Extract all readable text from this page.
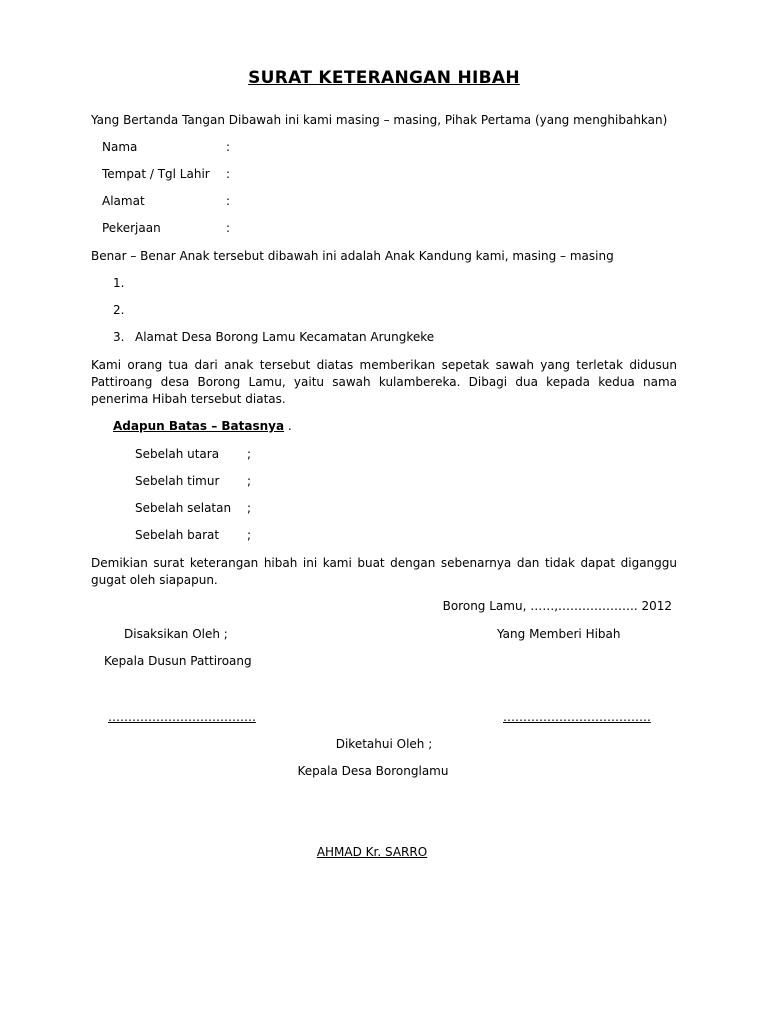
SURAT KETERANGAN HIBAH
Yang Bertanda Tangan Dibawah ini kami masing – masing, Pihak Pertama (yang menghibahkan)
Nama	:
Tempat / Tgl Lahir :
Alamat	:
Pekerjaan	:
Benar – Benar Anak tersebut dibawah ini adalah Anak Kandung kami, masing – masing
1.
2.
3. Alamat Desa Borong Lamu Kecamatan Arungkeke
Kami orang tua dari anak tersebut diatas memberikan sepetak sawah yang terletak didusun Pattiroang desa Borong Lamu, yaitu sawah kulambereka. Dibagi dua kepada kedua nama penerima Hibah tersebut diatas.
Adapun Batas – Batasnya .
Sebelah utara ;
Sebelah timur ;
Sebelah selatan ;
Sebelah barat ;
Demikian surat keterangan hibah ini kami buat dengan sebenarnya dan tidak dapat diganggu gugat oleh siapapun.
Borong Lamu, ……,……………….. 2012
Disaksikan Oleh ;	Yang Memberi Hibah
Kepala Dusun Pattiroang
……………………………….	……………………………….
Diketahui Oleh ;
Kepala Desa Boronglamu
AHMAD Kr. SARRO
